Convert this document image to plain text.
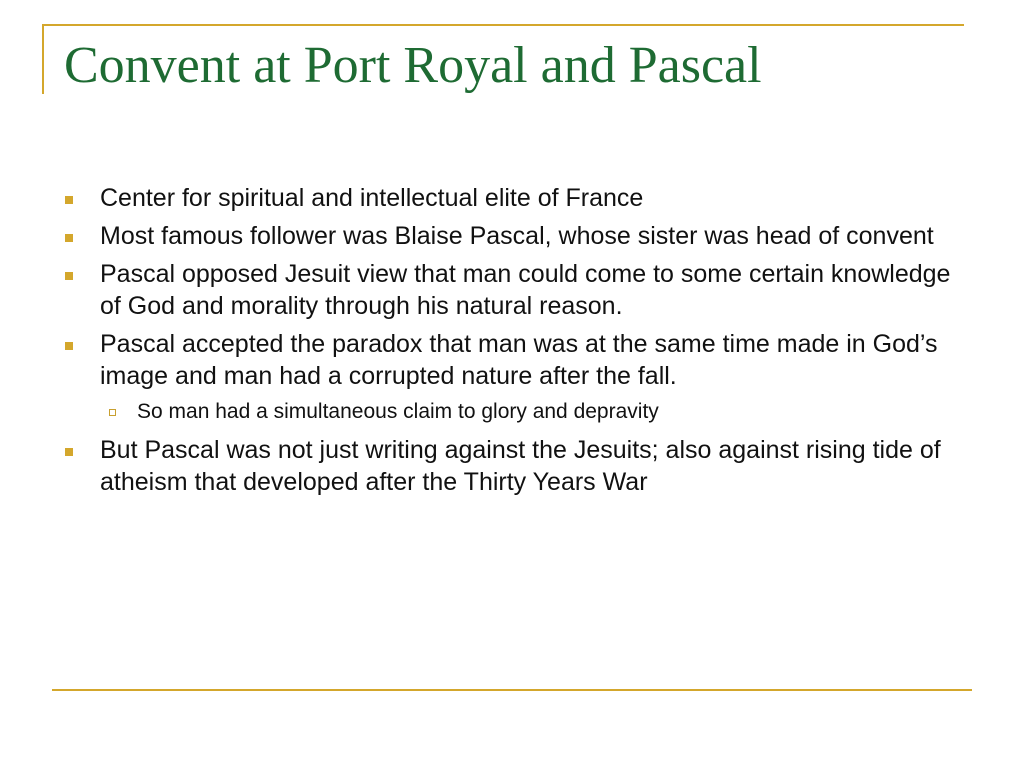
Convent at Port Royal and Pascal
Center for spiritual and intellectual elite of France
Most famous follower was Blaise Pascal, whose sister was head of convent
Pascal opposed Jesuit view that man could come to some certain knowledge of God and morality through his natural reason.
Pascal accepted the paradox that man was at the same time made in God’s image and man had a corrupted nature after the fall.
So man had a simultaneous claim to glory and depravity
But Pascal was not just writing against the Jesuits; also against rising tide of atheism that developed after the Thirty Years War
